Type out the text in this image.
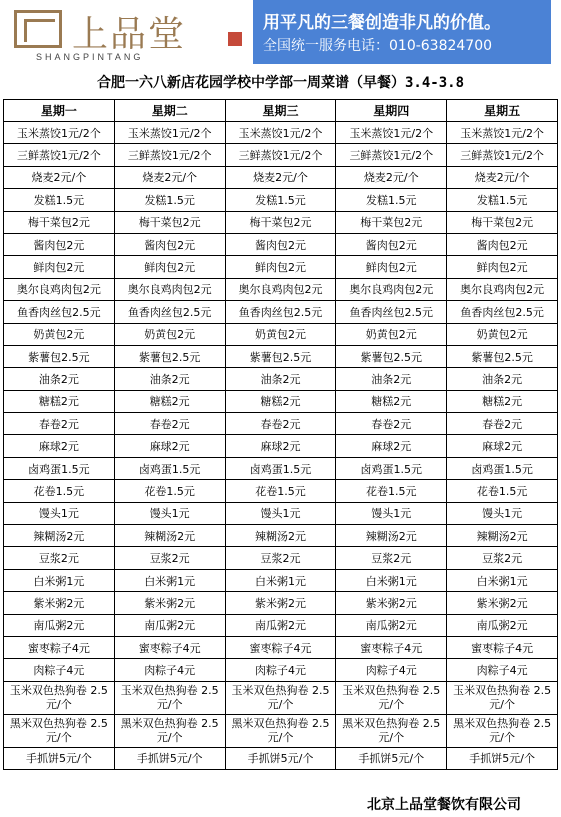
上品堂
SHANGPINTANG
用平凡的三餐创造非凡的价值。
全国统一服务电话：010-63824700
合肥一六八新店花园学校中学部一周菜谱（早餐）3.4-3.8
星期一	星期二	星期三	星期四	星期五
玉米蒸饺1元/2个	玉米蒸饺1元/2个	玉米蒸饺1元/2个	玉米蒸饺1元/2个	玉米蒸饺1元/2个
三鲜蒸饺1元/2个	三鲜蒸饺1元/2个	三鲜蒸饺1元/2个	三鲜蒸饺1元/2个	三鲜蒸饺1元/2个
烧麦2元/个	烧麦2元/个	烧麦2元/个	烧麦2元/个	烧麦2元/个
发糕1.5元	发糕1.5元	发糕1.5元	发糕1.5元	发糕1.5元
梅干菜包2元	梅干菜包2元	梅干菜包2元	梅干菜包2元	梅干菜包2元
酱肉包2元	酱肉包2元	酱肉包2元	酱肉包2元	酱肉包2元
鲜肉包2元	鲜肉包2元	鲜肉包2元	鲜肉包2元	鲜肉包2元
奥尔良鸡肉包2元	奥尔良鸡肉包2元	奥尔良鸡肉包2元	奥尔良鸡肉包2元	奥尔良鸡肉包2元
鱼香肉丝包2.5元	鱼香肉丝包2.5元	鱼香肉丝包2.5元	鱼香肉丝包2.5元	鱼香肉丝包2.5元
奶黄包2元	奶黄包2元	奶黄包2元	奶黄包2元	奶黄包2元
紫薯包2.5元	紫薯包2.5元	紫薯包2.5元	紫薯包2.5元	紫薯包2.5元
油条2元	油条2元	油条2元	油条2元	油条2元
糖糕2元	糖糕2元	糖糕2元	糖糕2元	糖糕2元
春卷2元	春卷2元	春卷2元	春卷2元	春卷2元
麻球2元	麻球2元	麻球2元	麻球2元	麻球2元
卤鸡蛋1.5元	卤鸡蛋1.5元	卤鸡蛋1.5元	卤鸡蛋1.5元	卤鸡蛋1.5元
花卷1.5元	花卷1.5元	花卷1.5元	花卷1.5元	花卷1.5元
馒头1元	馒头1元	馒头1元	馒头1元	馒头1元
辣糊汤2元	辣糊汤2元	辣糊汤2元	辣糊汤2元	辣糊汤2元
豆浆2元	豆浆2元	豆浆2元	豆浆2元	豆浆2元
白米粥1元	白米粥1元	白米粥1元	白米粥1元	白米粥1元
紫米粥2元	紫米粥2元	紫米粥2元	紫米粥2元	紫米粥2元
南瓜粥2元	南瓜粥2元	南瓜粥2元	南瓜粥2元	南瓜粥2元
蜜枣粽子4元	蜜枣粽子4元	蜜枣粽子4元	蜜枣粽子4元	蜜枣粽子4元
肉粽子4元	肉粽子4元	肉粽子4元	肉粽子4元	肉粽子4元
玉米双色热狗卷 2.5元/个	玉米双色热狗卷 2.5元/个	玉米双色热狗卷 2.5元/个	玉米双色热狗卷 2.5元/个	玉米双色热狗卷 2.5元/个
黑米双色热狗卷 2.5元/个	黑米双色热狗卷 2.5元/个	黑米双色热狗卷 2.5元/个	黑米双色热狗卷 2.5元/个	黑米双色热狗卷 2.5元/个
手抓饼5元/个	手抓饼5元/个	手抓饼5元/个	手抓饼5元/个	手抓饼5元/个
北京上品堂餐饮有限公司
